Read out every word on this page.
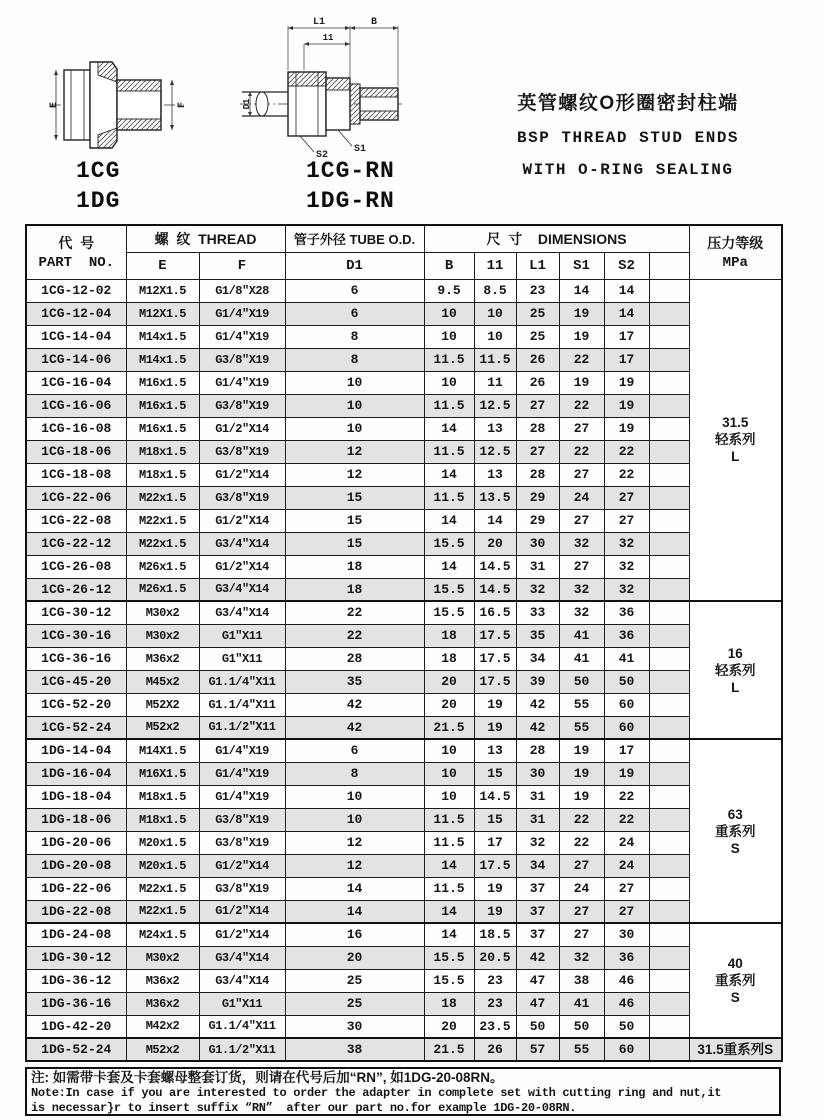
E	F	D1
L1	B
11
S2
S1
1CG
1DG
1CG-RN
1DG-RN
英管螺纹O形圈密封柱端
BSP THREAD STUD ENDS
WITH O-RING SEALING
代  号
PART  NO.	螺  纹  THREAD		管子外径 TUBE O.D.	尺  寸    DIMENSIONS						压力等级
MPa
	E	F	D1	B	11	L1	S1	S2		
1CG-12-02	M12X1.5	G1/8″X28	6	9.5	8.5	23	14	14		31.5
轻系列
L

1CG-12-04	M12X1.5	G1/4″X19	6	10	10	25	19	14		
1CG-14-04	M14x1.5	G1/4″X19	8	10	10	25	19	17		
1CG-14-06	M14x1.5	G3/8″X19	8	11.5	11.5	26	22	17		
1CG-16-04	M16x1.5	G1/4″X19	10	10	11	26	19	19		
1CG-16-06	M16x1.5	G3/8″X19	10	11.5	12.5	27	22	19		
1CG-16-08	M16x1.5	G1/2″X14	10	14	13	28	27	19		
1CG-18-06	M18x1.5	G3/8″X19	12	11.5	12.5	27	22	22		
1CG-18-08	M18x1.5	G1/2″X14	12	14	13	28	27	22		
1CG-22-06	M22x1.5	G3/8″X19	15	11.5	13.5	29	24	27		
1CG-22-08	M22x1.5	G1/2″X14	15	14	14	29	27	27		
1CG-22-12	M22x1.5	G3/4″X14	15	15.5	20	30	32	32		
1CG-26-08	M26x1.5	G1/2″X14	18	14	14.5	31	27	32		
1CG-26-12	M26x1.5	G3/4″X14	18	15.5	14.5	32	32	32		
1CG-30-12	M30x2	G3/4″X14	22	15.5	16.5	33	32	36		16
轻系列
L

1CG-30-16	M30x2	G1″X11	22	18	17.5	35	41	36		
1CG-36-16	M36x2	G1″X11	28	18	17.5	34	41	41		
1CG-45-20	M45x2	G1.1/4″X11	35	20	17.5	39	50	50		
1CG-52-20	M52X2	G1.1/4″X11	42	20	19	42	55	60		
1CG-52-24	M52x2	G1.1/2″X11	42	21.5	19	42	55	60		
1DG-14-04	M14X1.5	G1/4″X19	6	10	13	28	19	17		63
重系列
S

1DG-16-04	M16X1.5	G1/4″X19	8	10	15	30	19	19		
1DG-18-04	M18x1.5	G1/4″X19	10	10	14.5	31	19	22		
1DG-18-06	M18x1.5	G3/8″X19	10	11.5	15	31	22	22		
1DG-20-06	M20x1.5	G3/8″X19	12	11.5	17	32	22	24		
1DG-20-08	M20x1.5	G1/2″X14	12	14	17.5	34	27	24		
1DG-22-06	M22x1.5	G3/8″X19	14	11.5	19	37	24	27		
1DG-22-08	M22x1.5	G1/2″X14	14	14	19	37	27	27		
1DG-24-08	M24x1.5	G1/2″X14	16	14	18.5	37	27	30		40
重系列
S

1DG-30-12	M30x2	G3/4″X14	20	15.5	20.5	42	32	36		
1DG-36-12	M36x2	G3/4″X14	25	15.5	23	47	38	46		
1DG-36-16	M36x2	G1″X11	25	18	23	47	41	46		
1DG-42-20	M42x2	G1.1/4″X11	30	20	23.5	50	50	50		
1DG-52-24	M52x2	G1.1/2″X11	38	21.5	26	57	55	60		31.5重系列S
注: 如需带卡套及卡套螺母整套订货，则请在代号后加“RN”, 如1DG-20-08RN。
Note:In case if you are interested to order the adapter in complete set with cutting ring and nut,it
is necessar}r to insert suffix “RN”  after our part no.for example 1DG-20-08RN.
